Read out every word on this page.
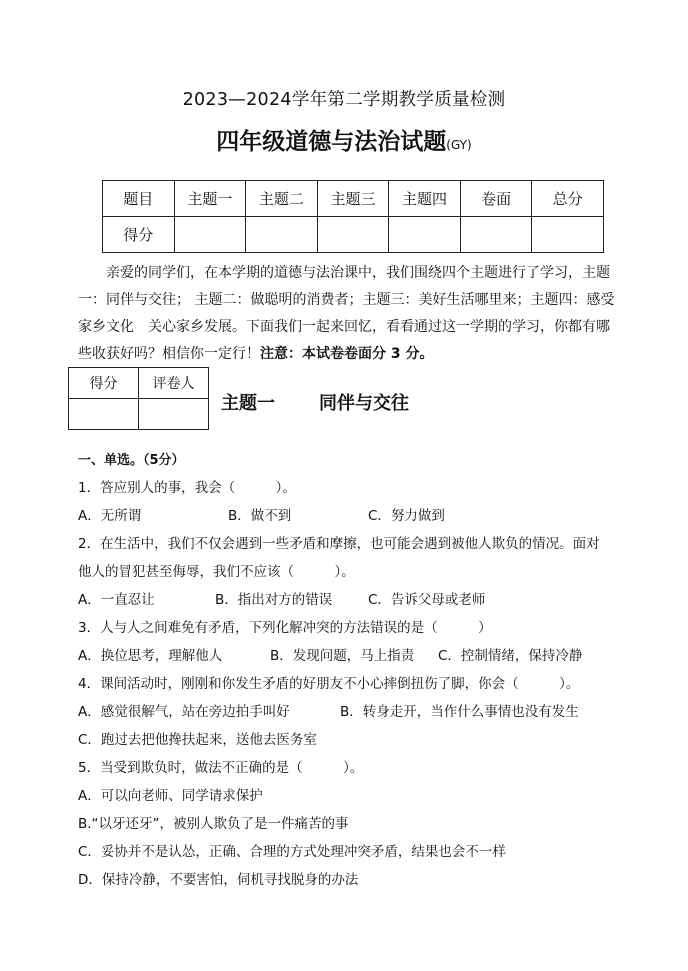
2023—2024学年第二学期教学质量检测
四年级道德与法治试题(GY)
题目	主题一	主题二	主题三	主题四	卷面	总分
得分						

亲爱的同学们，在本学期的道德与法治课中，我们围绕四个主题进行了学习，主题一：同伴与交往； 主题二：做聪明的消费者；主题三：美好生活哪里来；主题四：感受家乡文化　关心家乡发展。下面我们一起来回忆，看看通过这一学期的学习，你都有哪些收获好吗？相信你一定行！注意：本试卷卷面分 3 分。

得分	评卷人

主题一 同伴与交往
一、单选。（5分）
1．答应别人的事，我会（　　　）。
A．无所谓	B．做不到	C．努力做到
2．在生活中，我们不仅会遇到一些矛盾和摩擦，也可能会遇到被他人欺负的情况。面对
他人的冒犯甚至侮辱，我们不应该（　　　）。
A．一直忍让	B．指出对方的错误	C．告诉父母或老师
3．人与人之间难免有矛盾，下列化解冲突的方法错误的是（　　　）
A．换位思考，理解他人	B．发现问题，马上指责 C．控制情绪，保持冷静
4．课间活动时，刚刚和你发生矛盾的好朋友不小心摔倒扭伤了脚，你会（　　　）。
A．感觉很解气，站在旁边拍手叫好	B．转身走开，当作什么事情也没有发生
C．跑过去把他搀扶起来，送他去医务室
5．当受到欺负时，做法不正确的是（　　　）。
A．可以向老师、同学请求保护
B.“以牙还牙”，被别人欺负了是一件痛苦的事
C．妥协并不是认怂，正确、合理的方式处理冲突矛盾，结果也会不一样
D．保持冷静，不要害怕，伺机寻找脱身的办法
